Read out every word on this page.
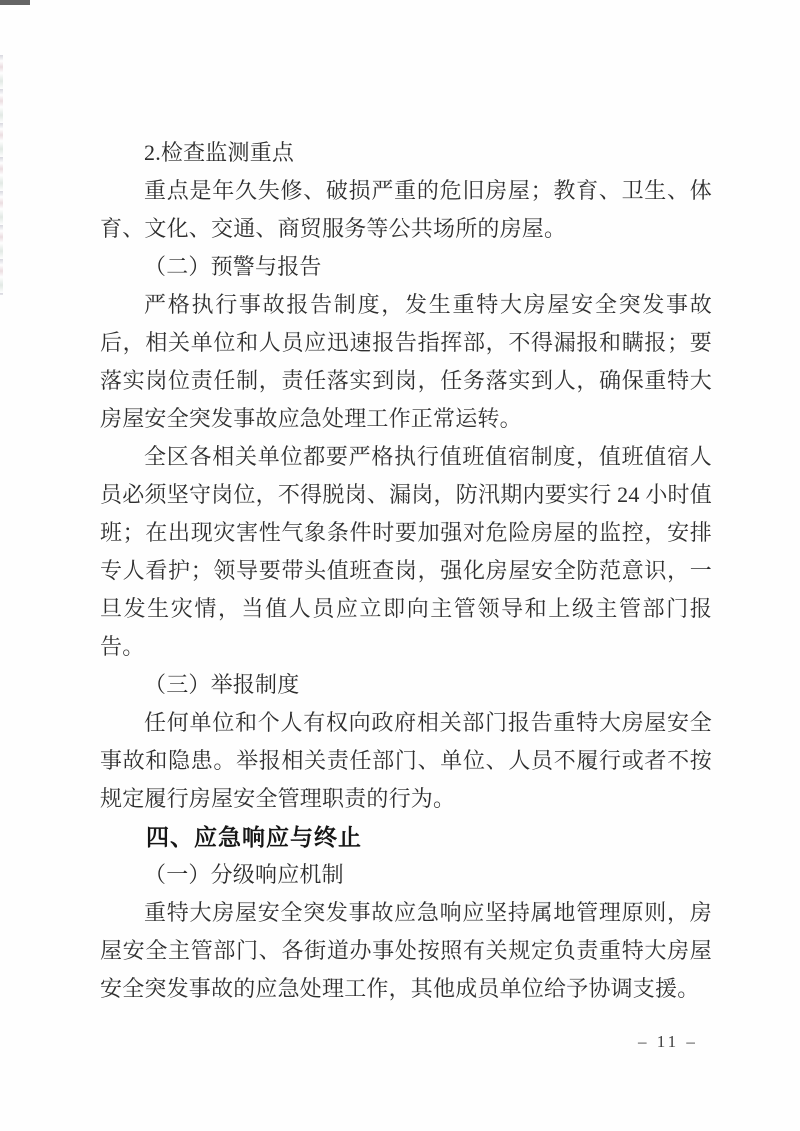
2.检查监测重点

重点是年久失修、破损严重的危旧房屋；教育、卫生、体育、文化、交通、商贸服务等公共场所的房屋。

（二）预警与报告

严格执行事故报告制度，发生重特大房屋安全突发事故后，相关单位和人员应迅速报告指挥部，不得漏报和瞒报；要落实岗位责任制，责任落实到岗，任务落实到人，确保重特大房屋安全突发事故应急处理工作正常运转。

全区各相关单位都要严格执行值班值宿制度，值班值宿人员必须坚守岗位，不得脱岗、漏岗，防汛期内要实行 24 小时值班；在出现灾害性气象条件时要加强对危险房屋的监控，安排专人看护；领导要带头值班查岗，强化房屋安全防范意识，一旦发生灾情，当值人员应立即向主管领导和上级主管部门报告。

（三）举报制度

任何单位和个人有权向政府相关部门报告重特大房屋安全事故和隐患。举报相关责任部门、单位、人员不履行或者不按规定履行房屋安全管理职责的行为。

四、应急响应与终止

（一）分级响应机制

重特大房屋安全突发事故应急响应坚持属地管理原则，房屋安全主管部门、各街道办事处按照有关规定负责重特大房屋安全突发事故的应急处理工作，其他成员单位给予协调支援。

– 11 –
